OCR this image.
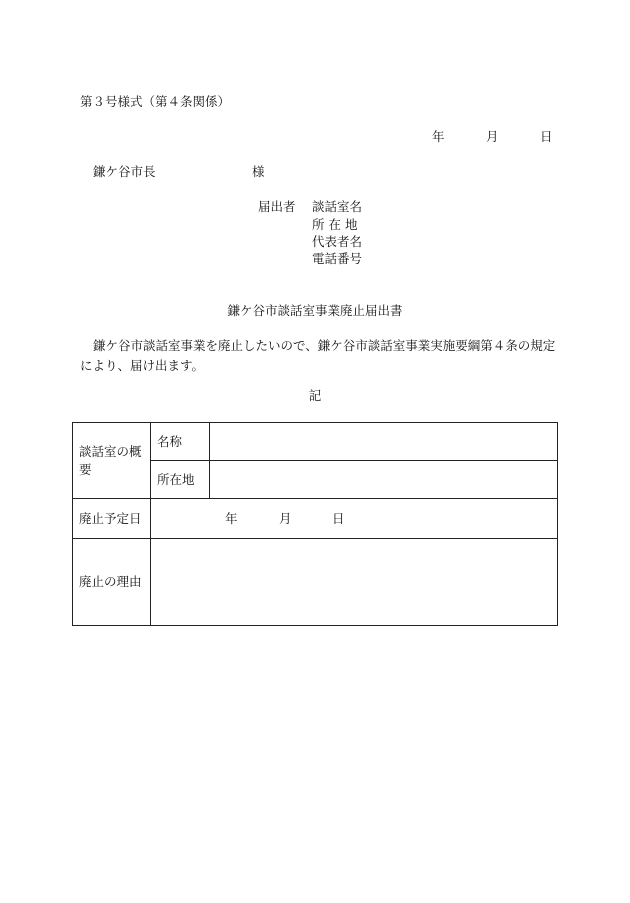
第３号様式（第４条関係）
年	月	日
鎌ケ谷市長	様
届出者 談話室名
所 在 地
代表者名
電話番号
鎌ケ谷市談話室事業廃止届出書
鎌ケ谷市談話室事業を廃止したいので、鎌ケ谷市談話室事業実施要綱第４条の規定により、届け出ます。
記
談話室の概要	名称	
	所在地	
廃止予定日	年 月 日	

廃止の理由		
